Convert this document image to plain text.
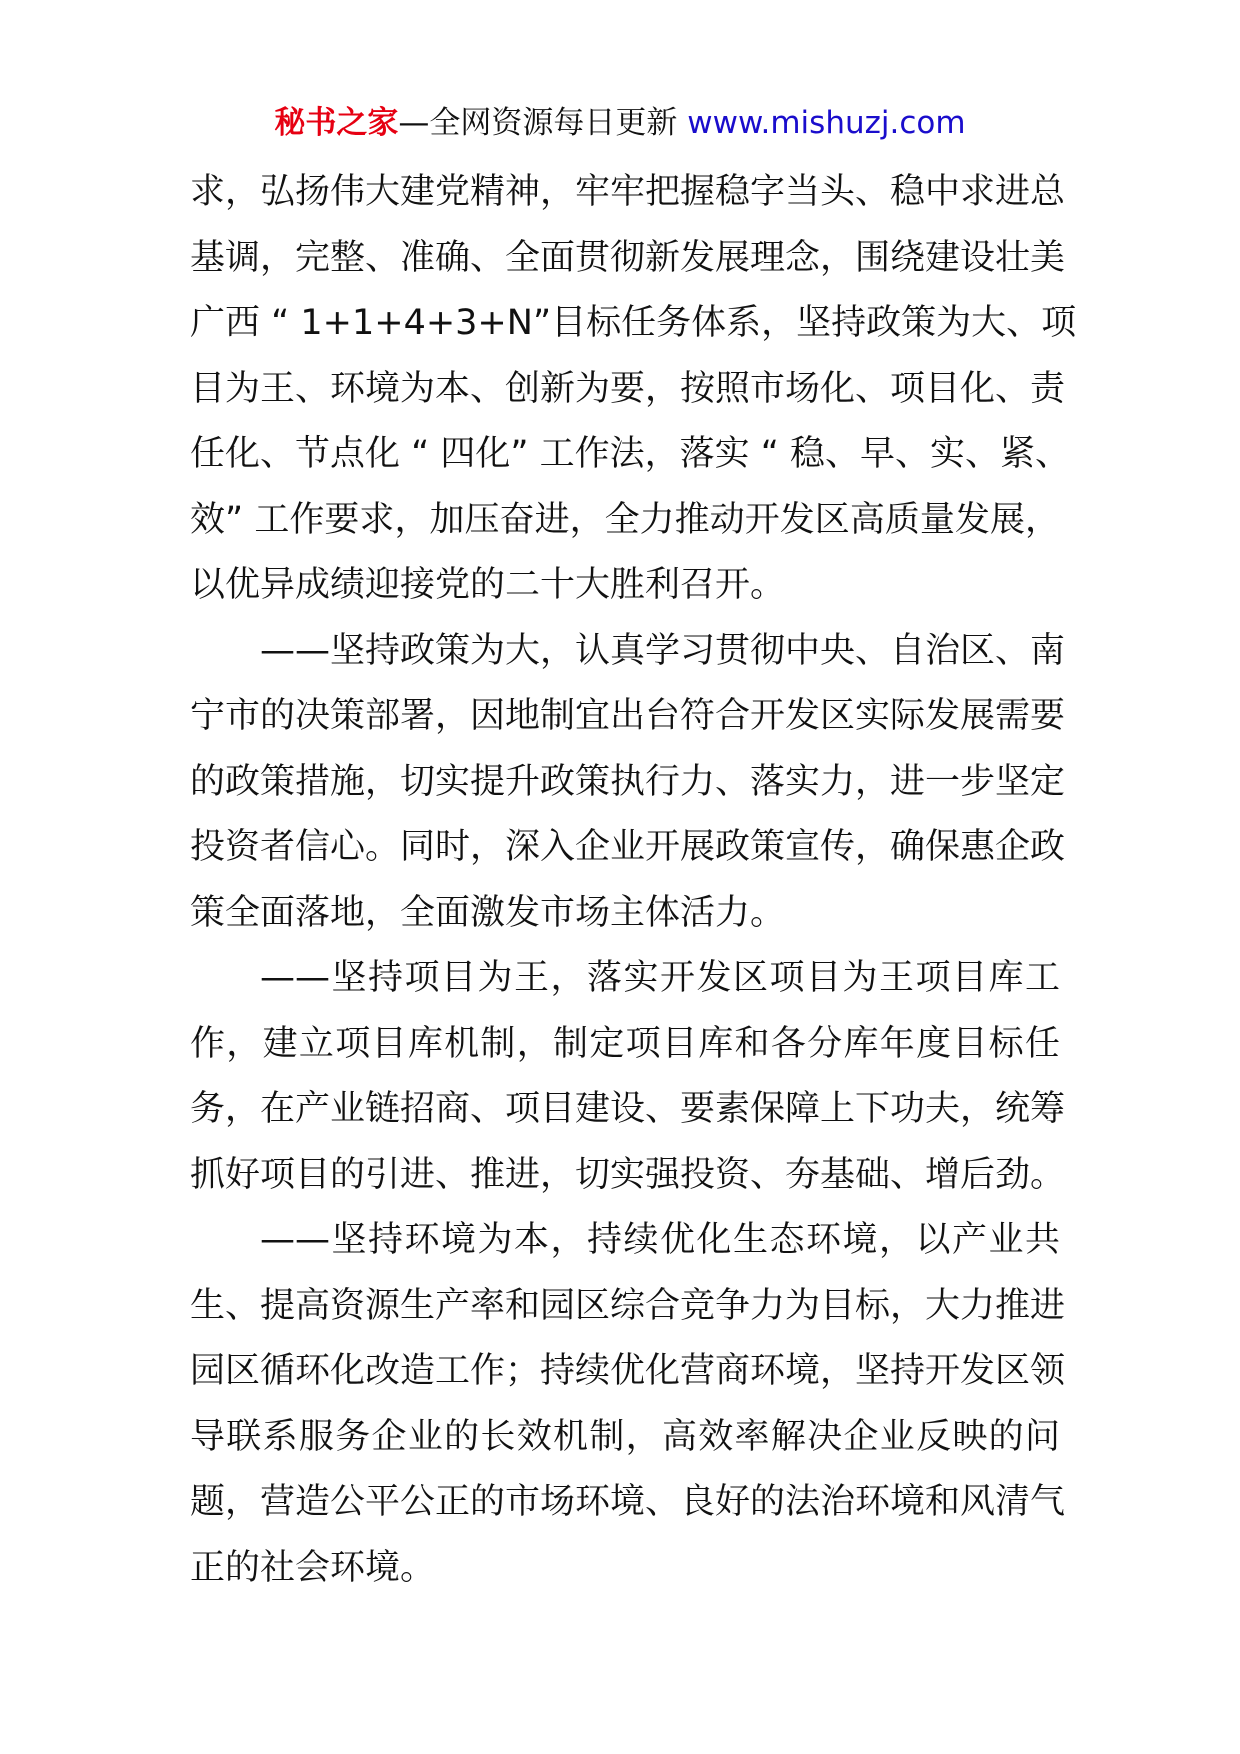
秘书之家—全网资源每日更新 www.mishuzj.com
求，弘扬伟大建党精神，牢牢把握稳字当头、稳中求进总
基调，完整、准确、全面贯彻新发展理念，围绕建设壮美
广西 “ 1+1+4+3+N”目标任务体系，坚持政策为大、项
目为王、环境为本、创新为要，按照市场化、项目化、责
任化、节点化 “ 四化” 工作法，落实 “ 稳、早、实、紧、
效” 工作要求，加压奋进，全力推动开发区高质量发展，
以优异成绩迎接党的二十大胜利召开。
——坚持政策为大，认真学习贯彻中央、自治区、南
宁市的决策部署，因地制宜出台符合开发区实际发展需要
的政策措施，切实提升政策执行力、落实力，进一步坚定
投资者信心。同时，深入企业开展政策宣传，确保惠企政
策全面落地，全面激发市场主体活力。
——坚持项目为王，落实开发区项目为王项目库工
作，建立项目库机制，制定项目库和各分库年度目标任
务，在产业链招商、项目建设、要素保障上下功夫，统筹
抓好项目的引进、推进，切实强投资、夯基础、增后劲。
——坚持环境为本，持续优化生态环境，以产业共
生、提高资源生产率和园区综合竞争力为目标，大力推进
园区循环化改造工作；持续优化营商环境，坚持开发区领
导联系服务企业的长效机制，高效率解决企业反映的问
题，营造公平公正的市场环境、良好的法治环境和风清气
正的社会环境。
